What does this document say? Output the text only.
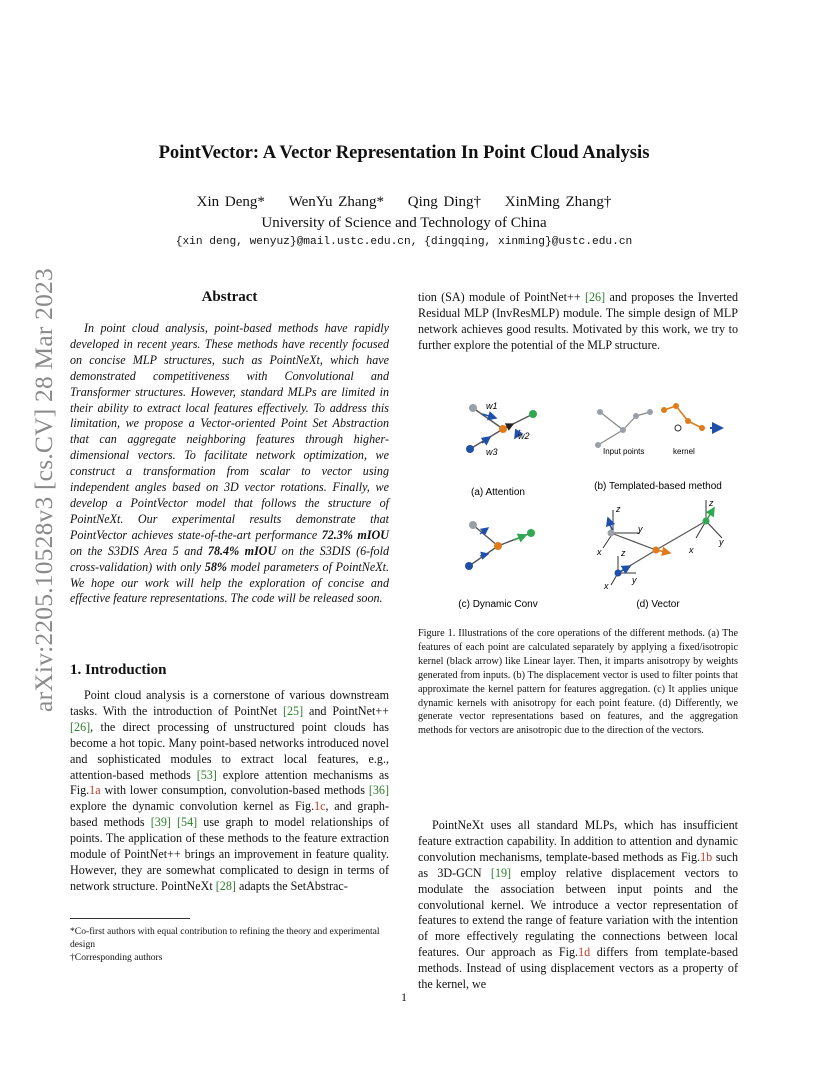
arXiv:2205.10528v3 [cs.CV] 28 Mar 2023
PointVector: A Vector Representation In Point Cloud Analysis
Xin Deng* WenYu Zhang* Qing Ding† XinMing Zhang†
University of Science and Technology of China
{xin deng, wenyuz}@mail.ustc.edu.cn, {dingqing, xinming}@ustc.edu.cn
Abstract

In point cloud analysis, point-based methods have rapidly developed in recent years. These methods have recently focused on concise MLP structures, such as PointNeXt, which have demonstrated competitiveness with Convolutional and Transformer structures. However, standard MLPs are limited in their ability to extract local features effectively. To address this limitation, we propose a Vector-oriented Point Set Abstraction that can aggregate neighboring features through higher-dimensional vectors. To facilitate network optimization, we construct a transformation from scalar to vector using independent angles based on 3D vector rotations. Finally, we develop a PointVector model that follows the structure of PointNeXt. Our experimental results demonstrate that PointVector achieves state-of-the-art performance 72.3% mIOU on the S3DIS Area 5 and 78.4% mIOU on the S3DIS (6-fold cross-validation) with only 58% model parameters of PointNeXt. We hope our work will help the exploration of concise and effective feature representations. The code will be released soon.

1. Introduction

Point cloud analysis is a cornerstone of various downstream tasks. With the introduction of PointNet [25] and PointNet++ [26], the direct processing of unstructured point clouds has become a hot topic. Many point-based networks introduced novel and sophisticated modules to extract local features, e.g., attention-based methods [53] explore attention mechanisms as Fig.1a with lower consumption, convolution-based methods [36] explore the dynamic convolution kernel as Fig.1c, and graph-based methods [39] [54] use graph to model relationships of points. The application of these methods to the feature extraction module of PointNet++ brings an improvement in feature quality. However, they are somewhat complicated to design in terms of network structure. PointNeXt [28] adapts the SetAbstrac-

*Co-first authors with equal contribution to refining the theory and experimental design
†Corresponding authors

tion (SA) module of PointNet++ [26] and proposes the Inverted Residual MLP (InvResMLP) module. The simple design of MLP network achieves good results. Motivated by this work, we try to further explore the potential of the MLP structure.

w1
w2
w3
(a) Attention
Input points	kernel
(b) Templated-based method
(c) Dynamic Conv
z
y
x z
y
x
z
y
x
(d) Vector
Figure 1. Illustrations of the core operations of the different methods. (a) The features of each point are calculated separately by applying a fixed/isotropic kernel (black arrow) like Linear layer. Then, it imparts anisotropy by weights generated from inputs. (b) The displacement vector is used to filter points that approximate the kernel pattern for features aggregation. (c) It applies unique dynamic kernels with anisotropy for each point feature. (d) Differently, we generate vector representations based on features, and the aggregation methods for vectors are anisotropic due to the direction of the vectors.

PointNeXt uses all standard MLPs, which has insufficient feature extraction capability. In addition to attention and dynamic convolution mechanisms, template-based methods as Fig.1b such as 3D-GCN [19] employ relative displacement vectors to modulate the association between input points and the convolutional kernel. We introduce a vector representation of features to extend the range of feature variation with the intention of more effectively regulating the connections between local features. Our approach as Fig.1d differs from template-based methods. Instead of using displacement vectors as a property of the kernel, we

1
